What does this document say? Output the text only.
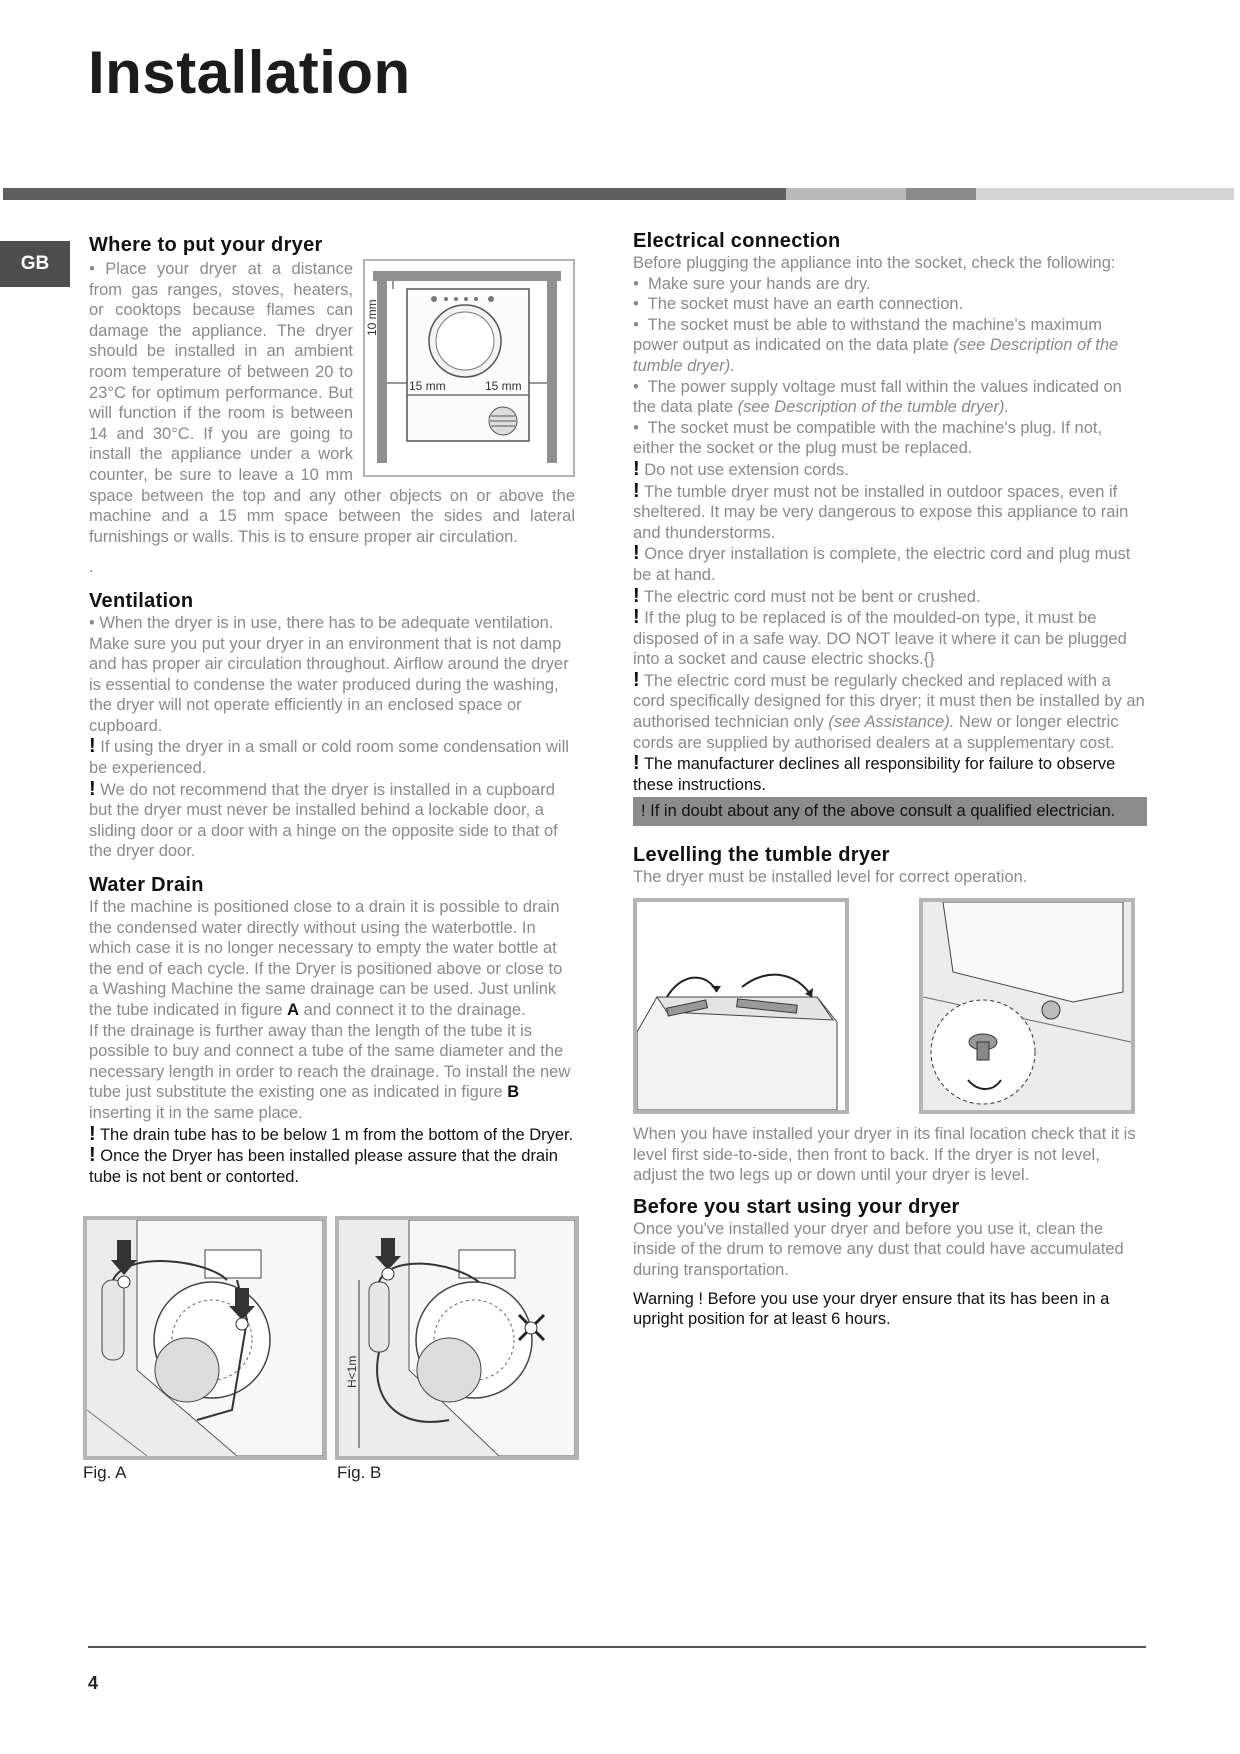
Installation
GB
Where to put your dryer
10 mm
15 mm	15 mm

• Place your dryer at a distance from gas ranges, stoves, heaters, or cooktops because flames can damage the appliance. The dryer should be installed in an ambient room temperature of between 20 to 23°C for optimum performance. But will function if the room is between 14 and 30°C. If you are going to install the appliance under a work counter, be sure to leave a 10 mm space between the top and any other objects on or above the machine and a 15 mm space between the sides and lateral furnishings or walls. This is to ensure proper air circulation.

.

Ventilation

• When the dryer is in use, there has to be adequate ventilation. Make sure you put your dryer in an environment that is not damp and has proper air circulation throughout. Airflow around the dryer is essential to condense the water produced during the washing, the dryer will not operate efficiently in an enclosed space or cupboard.

! If using the dryer in a small or cold room some condensation will be experienced.

! We do not recommend that the dryer is installed in a cupboard but the dryer must never be installed behind a lockable door, a sliding door or a door with a hinge on the opposite side to that of the dryer door.

Water Drain

If the machine is positioned close to a drain it is possible to drain the condensed water directly without using the waterbottle. In which case it is no longer necessary to empty the water bottle at the end of each cycle. If the Dryer is positioned above or close to a Washing Machine the same drainage can be used. Just unlink the tube indicated in figure A and connect it to the drainage.

If the drainage is further away than the length of the tube it is possible to buy and connect a tube of the same diameter and the necessary length in order to reach the drainage. To install the new tube just substitute the existing one as indicated in figure B inserting it in the same place.

! The drain tube has to be below 1 m from the bottom of the Dryer.

! Once the Dryer has been installed please assure that the drain tube is not bent or contorted.

Fig. A
H<1m
Fig. B
Electrical connection

Before plugging the appliance into the socket, check the following:

•  Make sure your hands are dry.

•  The socket must have an earth connection.

•  The socket must be able to withstand the machine's maximum power output as indicated on the data plate (see Description of the tumble dryer).

•  The power supply voltage must fall within the values indicated on the data plate (see Description of the tumble dryer).

•  The socket must be compatible with the machine's plug. If not, either the socket or the plug must be replaced.

! Do not use extension cords.

! The tumble dryer must not be installed in outdoor spaces, even if sheltered. It may be very dangerous to expose this appliance to rain and thunderstorms.

! Once dryer installation is complete, the electric cord and plug must be at hand.

! The electric cord must not be bent or crushed.

! If the plug to be replaced is of the moulded-on type, it must be disposed of in a safe way. DO NOT leave it where it can be plugged into a socket and cause electric shocks.{}

! The electric cord must be regularly checked and replaced with a cord specifically designed for this dryer; it must then be installed by an authorised technician only (see Assistance). New or longer electric cords are supplied by authorised dealers at a supplementary cost.

! The manufacturer declines all responsibility for failure to observe these instructions.

! If in doubt about any of the above consult a qualified electrician.
Levelling the tumble dryer

The dryer must be installed level for correct operation.

When you have installed your dryer in its final location check that it is level first side-to-side, then front to back. If the dryer is not level, adjust the two legs up or down until your dryer is level.

Before you start using your dryer

Once you've installed your dryer and before you use it, clean the inside of the drum to remove any dust that could have accumulated during transportation.

Warning ! Before you use your dryer ensure that its has been in a upright position for at least 6 hours.

4
